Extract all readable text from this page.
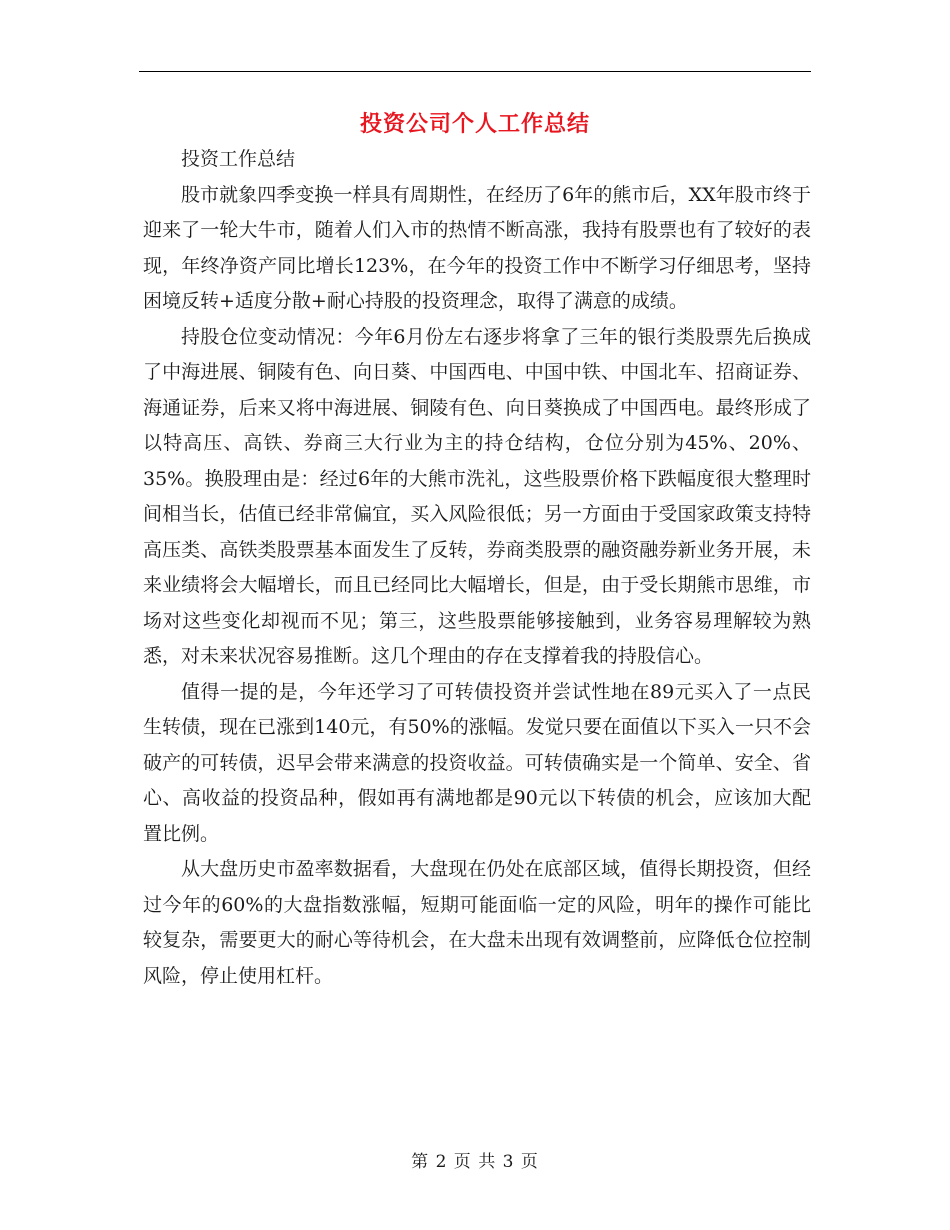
投资公司个人工作总结

投资工作总结

股市就象四季变换一样具有周期性，在经历了6年的熊市后，XX年股市终于迎来了一轮大牛市，随着人们入市的热情不断高涨，我持有股票也有了较好的表现，年终净资产同比增长123%，在今年的投资工作中不断学习仔细思考，坚持困境反转+适度分散+耐心持股的投资理念，取得了满意的成绩。

持股仓位变动情况：今年6月份左右逐步将拿了三年的银行类股票先后换成了中海进展、铜陵有色、向日葵、中国西电、中国中铁、中国北车、招商证券、海通证券，后来又将中海进展、铜陵有色、向日葵换成了中国西电。最终形成了以特高压、高铁、券商三大行业为主的持仓结构，仓位分别为45%、20%、35%。换股理由是：经过6年的大熊市洗礼，这些股票价格下跌幅度很大整理时间相当长，估值已经非常偏宜，买入风险很低；另一方面由于受国家政策支持特高压类、高铁类股票基本面发生了反转，券商类股票的融资融券新业务开展，未来业绩将会大幅增长，而且已经同比大幅增长，但是，由于受长期熊市思维，市场对这些变化却视而不见；第三，这些股票能够接触到，业务容易理解较为熟悉，对未来状况容易推断。这几个理由的存在支撑着我的持股信心。

值得一提的是，今年还学习了可转债投资并尝试性地在89元买入了一点民生转债，现在已涨到140元，有50%的涨幅。发觉只要在面值以下买入一只不会破产的可转债，迟早会带来满意的投资收益。可转债确实是一个简单、安全、省心、高收益的投资品种，假如再有满地都是90元以下转债的机会，应该加大配置比例。

从大盘历史市盈率数据看，大盘现在仍处在底部区域，值得长期投资，但经过今年的60%的大盘指数涨幅，短期可能面临一定的风险，明年的操作可能比较复杂，需要更大的耐心等待机会，在大盘未出现有效调整前，应降低仓位控制风险，停止使用杠杆。

第 2 页 共 3 页
